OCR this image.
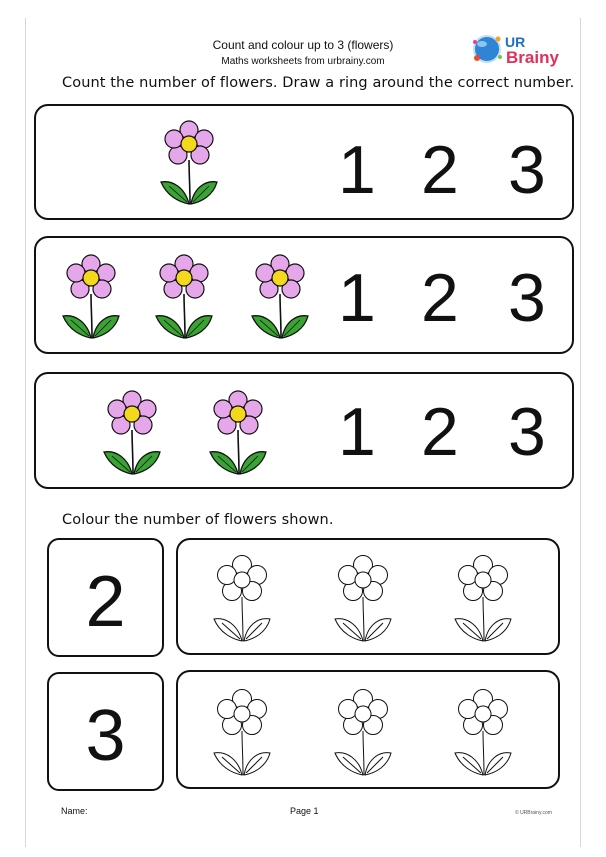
Count and colour up to 3 (flowers)
Maths worksheets from urbrainy.com
UR
Brainy
Count the number of flowers. Draw a ring around the correct number.
1 2 3
1 2 3
1 2 3
Colour the number of flowers shown.
2
3
Name:	Page 1	© URBrainy.com
